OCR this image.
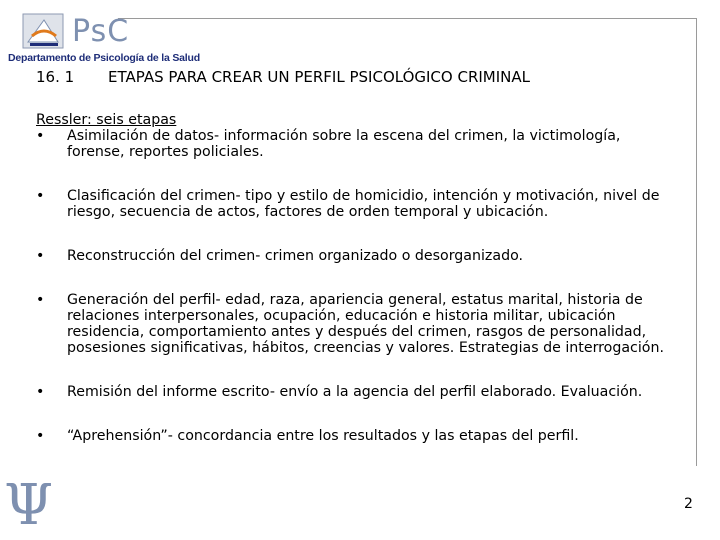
PsC
Departamento de Psicología de la Salud
16. 1 ETAPAS PARA CREAR UN PERFIL PSICOLÓGICO CRIMINAL
Ressler: seis etapas
• Asimilación de datos- información sobre la escena del crimen, la victimología, forense, reportes policiales.
• Clasificación del crimen- tipo y estilo de homicidio, intención y motivación, nivel de riesgo, secuencia de actos, factores de orden temporal y ubicación.
• Reconstrucción del crimen- crimen organizado o desorganizado.
• Generación del perfil- edad, raza, apariencia general, estatus marital, historia de relaciones interpersonales, ocupación, educación e historia militar, ubicación residencia, comportamiento antes y después del crimen, rasgos de personalidad, posesiones significativas, hábitos, creencias y valores. Estrategias de interrogación.
• Remisión del informe escrito- envío a la agencia del perfil elaborado. Evaluación.
• “Aprehensión”- concordancia entre los resultados y las etapas del perfil.
Ψ	2
